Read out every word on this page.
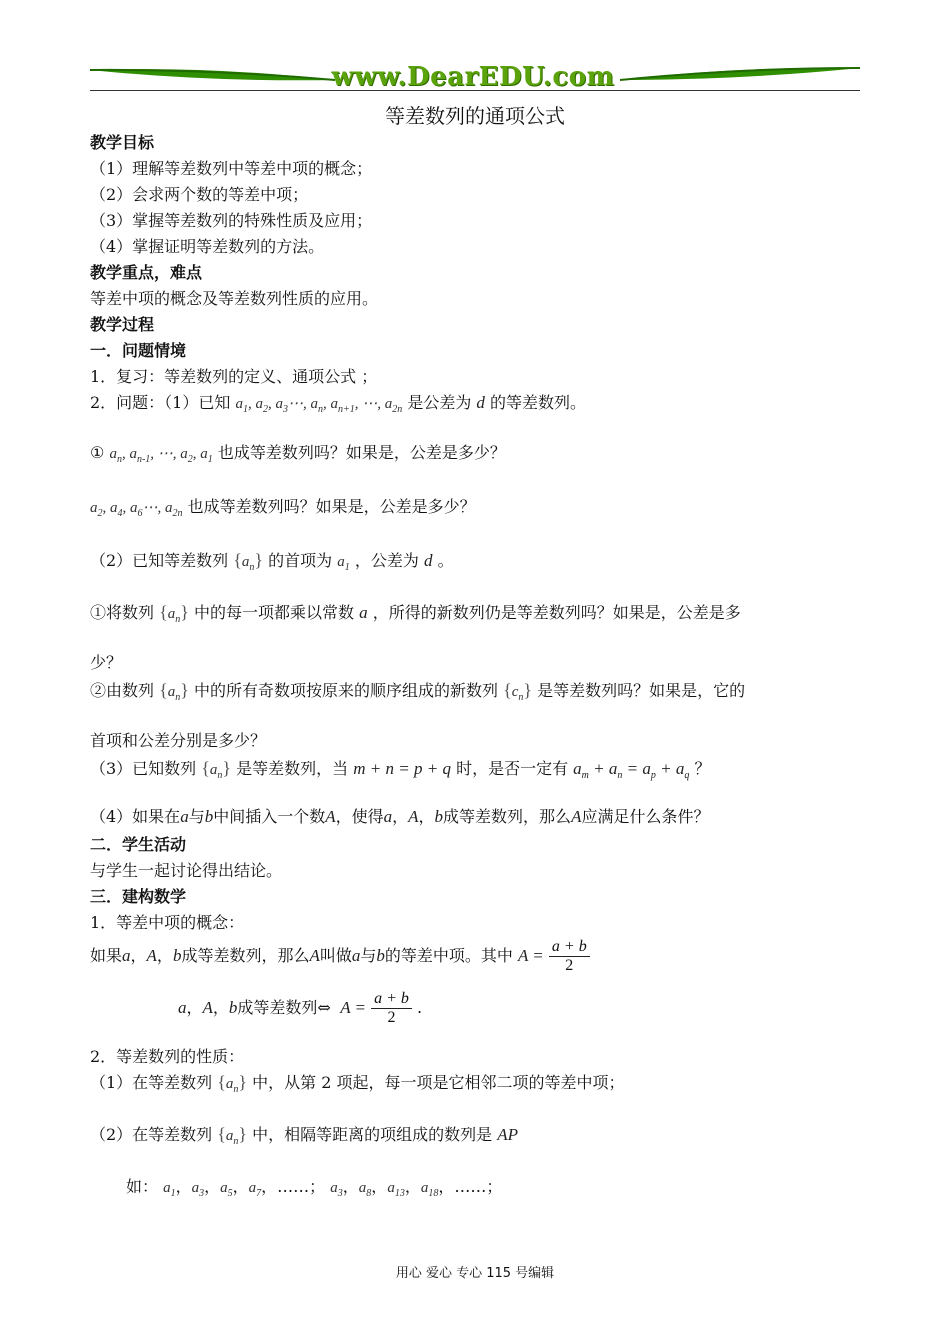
www.DearEDU.com
等差数列的通项公式
教学目标
（1）理解等差数列中等差中项的概念；
（2）会求两个数的等差中项；
（3）掌握等差数列的特殊性质及应用；
（4）掌握证明等差数列的方法。
教学重点，难点
等差中项的概念及等差数列性质的应用。
教学过程
一．问题情境
1．复习：等差数列的定义、通项公式 ；
2．问题：（1）已知 $a_1$, $a_2$, $a_3\cdots$, $a_n$, $a_{n+1}$, ⋯, $a_{2n}$ 是公差为 d 的等差数列。
① $a_n$, $a_{n-1}$, ⋯, $a_2$, $a_1$ 也成等差数列吗？如果是，公差是多少？
$a_2$, $a_4$, $a_6\cdots$, $a_{2n}$ 也成等差数列吗？如果是，公差是多少？
（2）已知等差数列 $\{a_n\}$ 的首项为 $a_1$ ，公差为 d 。
①将数列 $\{a_n\}$ 中的每一项都乘以常数 a ，所得的新数列仍是等差数列吗？如果是，公差是多
少？
②由数列 $\{a_n\}$ 中的所有奇数项按原来的顺序组成的新数列 $\{c_n\}$ 是等差数列吗？如果是，它的
首项和公差分别是多少？
（3）已知数列 $\{a_n\}$ 是等差数列，当 m + n = p + q 时，是否一定有 $a_m + a_n = a_p + a_q$ ？
（4）如果在a与b中间插入一个数A，使得a，A，b成等差数列，那么A应满足什么条件？
二．学生活动
与学生一起讨论得出结论。
三．建构数学
1．等差中项的概念：
如果a，A，b成等差数列，那么A叫做a与b的等差中项。其中 $A = \frac{a + b}{2}$
a，A，b成等差数列⇔  $A = \frac{a + b}{2}$ .
2．等差数列的性质：
（1）在等差数列 $\{a_n\}$ 中，从第 2 项起，每一项是它相邻二项的等差中项；
（2）在等差数列 $\{a_n\}$ 中，相隔等距离的项组成的数列是 AP
如： $a_1$，$a_3$，$a_5$，$a_7$，……； $a_3$，$a_8$，$a_{13}$，$a_{18}$，……；
用心 爱心 专心 115 号编辑
